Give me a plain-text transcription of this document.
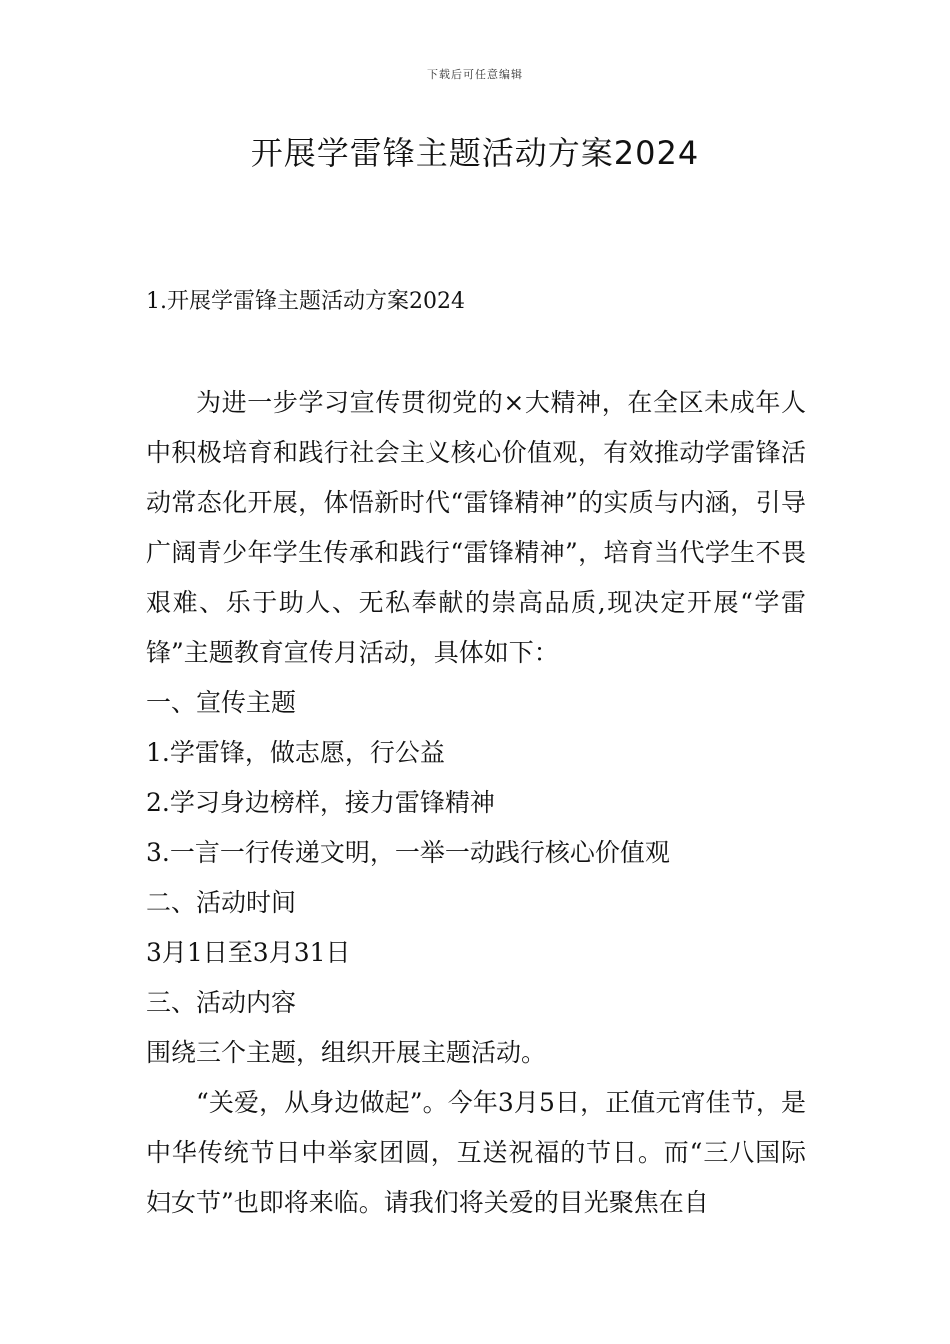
下载后可任意编辑
开展学雷锋主题活动方案2024
1.开展学雷锋主题活动方案2024

为进一步学习宣传贯彻党的×大精神，在全区未成年人中积极培育和践行社会主义核心价值观，有效推动学雷锋活动常态化开展，体悟新时代“雷锋精神”的实质与内涵，引导广阔青少年学生传承和践行“雷锋精神”，培育当代学生不畏艰难、乐于助人、无私奉献的崇高品质,现决定开展“学雷锋”主题教育宣传月活动，具体如下：

一、宣传主题

1.学雷锋，做志愿，行公益

2.学习身边榜样，接力雷锋精神

3.一言一行传递文明，一举一动践行核心价值观

二、活动时间

3月1日至3月31日

三、活动内容

围绕三个主题，组织开展主题活动。

“关爱，从身边做起”。今年3月5日，正值元宵佳节，是中华传统节日中举家团圆，互送祝福的节日。而“三八国际妇女节”也即将来临。请我们将关爱的目光聚焦在自
